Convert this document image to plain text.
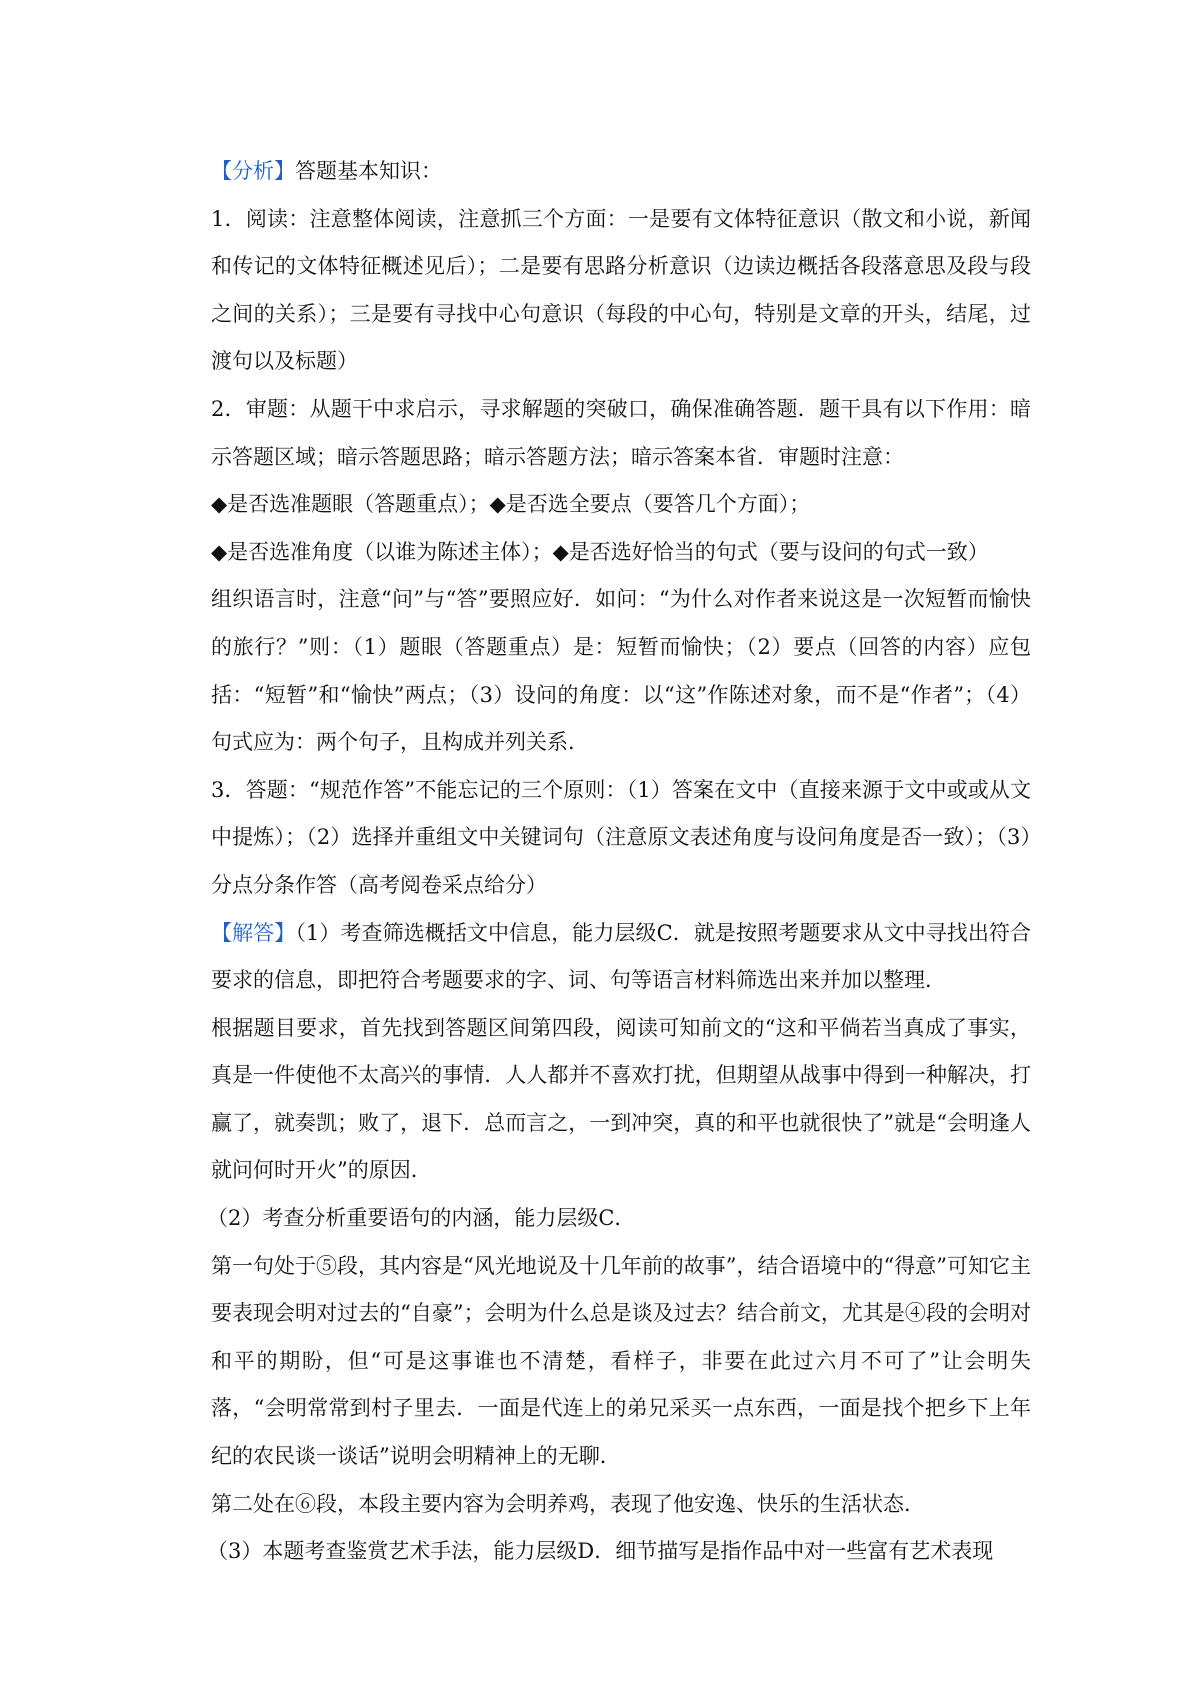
【分析】答题基本知识：

1．阅读：注意整体阅读，注意抓三个方面：一是要有文体特征意识（散文和小说，新闻和传记的文体特征概述见后）；二是要有思路分析意识（边读边概括各段落意思及段与段之间的关系）；三是要有寻找中心句意识（每段的中心句，特别是文章的开头，结尾，过渡句以及标题）

2．审题：从题干中求启示，寻求解题的突破口，确保准确答题．题干具有以下作用：暗示答题区域；暗示答题思路；暗示答题方法；暗示答案本省．审题时注意：

◆是否选准题眼（答题重点）；◆是否选全要点（要答几个方面）；

◆是否选准角度（以谁为陈述主体）；◆是否选好恰当的句式（要与设问的句式一致）

组织语言时，注意“问”与“答”要照应好．如问：“为什么对作者来说这是一次短暂而愉快的旅行？”则：（1）题眼（答题重点）是：短暂而愉快；（2）要点（回答的内容）应包括：“短暂”和“愉快”两点；（3）设问的角度：以“这”作陈述对象，而不是“作者”；（4）句式应为：两个句子，且构成并列关系．

3．答题：“规范作答”不能忘记的三个原则：（1）答案在文中（直接来源于文中或或从文中提炼）；（2）选择并重组文中关键词句（注意原文表述角度与设问角度是否一致）；（3）分点分条作答（高考阅卷采点给分）

【解答】（1）考查筛选概括文中信息，能力层级C．就是按照考题要求从文中寻找出符合要求的信息，即把符合考题要求的字、词、句等语言材料筛选出来并加以整理．

根据题目要求，首先找到答题区间第四段，阅读可知前文的“这和平倘若当真成了事实，真是一件使他不太高兴的事情．人人都并不喜欢打扰，但期望从战事中得到一种解决，打赢了，就奏凯；败了，退下．总而言之，一到冲突，真的和平也就很快了”就是“会明逢人就问何时开火”的原因．

（2）考查分析重要语句的内涵，能力层级C．

第一句处于⑤段，其内容是“风光地说及十几年前的故事”，结合语境中的“得意”可知它主要表现会明对过去的“自豪”；会明为什么总是谈及过去？结合前文，尤其是④段的会明对和平的期盼，但“可是这事谁也不清楚，看样子，非要在此过六月不可了”让会明失落，“会明常常到村子里去．一面是代连上的弟兄采买一点东西，一面是找个把乡下上年纪的农民谈一谈话”说明会明精神上的无聊．

第二处在⑥段，本段主要内容为会明养鸡，表现了他安逸、快乐的生活状态．

（3）本题考查鉴赏艺术手法，能力层级D．细节描写是指作品中对一些富有艺术表现
